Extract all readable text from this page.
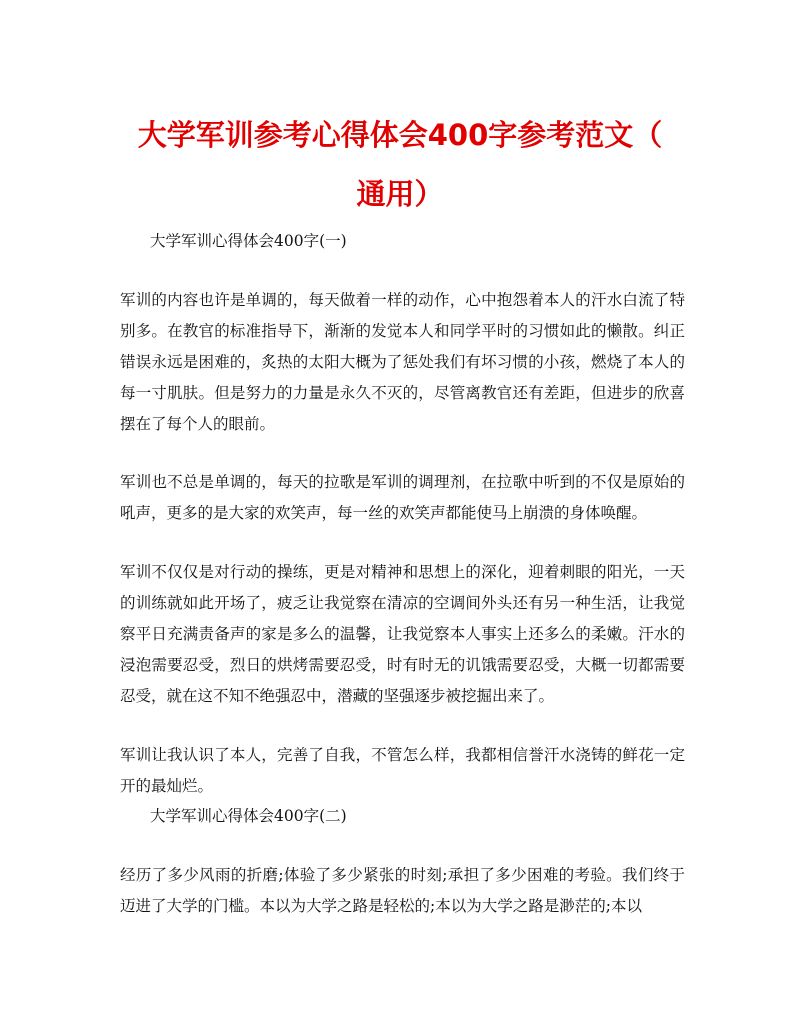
大学军训参考心得体会400字参考范文（
通用）

大学军训心得体会400字(一)

军训的内容也许是单调的，每天做着一样的动作，心中抱怨着本人的汗水白流了特别多。在教官的标准指导下，渐渐的发觉本人和同学平时的习惯如此的懒散。纠正错误永远是困难的，炙热的太阳大概为了惩处我们有坏习惯的小孩，燃烧了本人的每一寸肌肤。但是努力的力量是永久不灭的，尽管离教官还有差距，但进步的欣喜摆在了每个人的眼前。

军训也不总是单调的，每天的拉歌是军训的调理剂，在拉歌中听到的不仅是原始的吼声，更多的是大家的欢笑声，每一丝的欢笑声都能使马上崩溃的身体唤醒。

军训不仅仅是对行动的操练，更是对精神和思想上的深化，迎着刺眼的阳光，一天的训练就如此开场了，疲乏让我觉察在清凉的空调间外头还有另一种生活，让我觉察平日充满责备声的家是多么的温馨，让我觉察本人事实上还多么的柔嫩。汗水的浸泡需要忍受，烈日的烘烤需要忍受，时有时无的讥饿需要忍受，大概一切都需要忍受，就在这不知不绝强忍中，潜藏的坚强逐步被挖掘出来了。

军训让我认识了本人，完善了自我，不管怎么样，我都相信誉汗水浇铸的鲜花一定开的最灿烂。

大学军训心得体会400字(二)

经历了多少风雨的折磨;体验了多少紧张的时刻;承担了多少困难的考验。我们终于迈进了大学的门槛。本以为大学之路是轻松的;本以为大学之路是渺茫的;本以
